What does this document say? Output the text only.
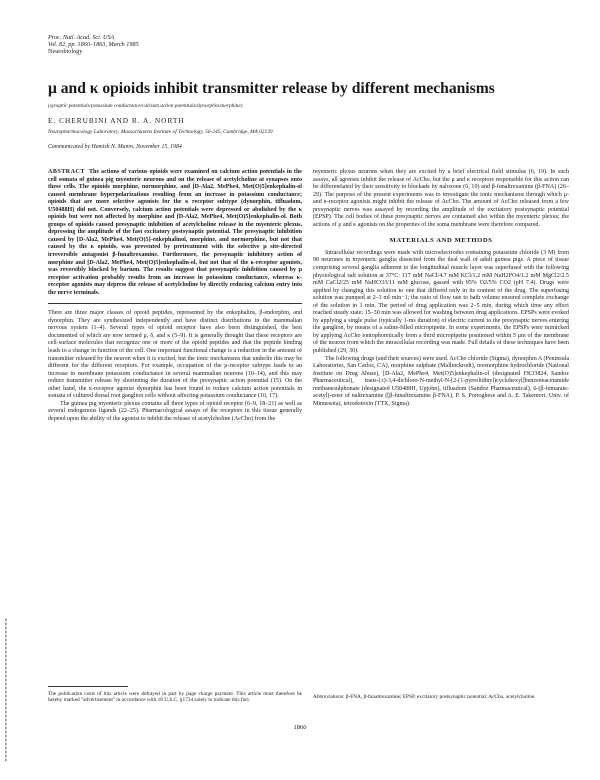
Proc. Natl. Acad. Sci. USA
Vol. 82, pp. 1860–1863, March 1985
Neurobiology
μ and κ opioids inhibit transmitter release by different mechanisms
(synaptic potentials/potassium conductance/calcium action potentials/dynorphin/morphine)
E. CHERUBINI AND R. A. NORTH
Neuropharmacology Laboratory, Massachusetts Institute of Technology, 56-245, Cambridge, MA 02139
Communicated by Hamish N. Munro, November 15, 1984
ABSTRACT The actions of various opioids were examined on calcium action potentials in the cell somata of guinea pig myenteric neurons and on the release of acetylcholine at synapses onto these cells. The opioids morphine, normorphine, and [D-Ala2, MePhe4, Met(O)5]enkephalin-ol caused membrane hyperpolarizations resulting from an increase in potassium conductance; opioids that are more selective agonists for the κ receptor subtype (dynorphin, tifluadom, U50488H) did not. Conversely, calcium action potentials were depressed or abolished by the κ opioids but were not affected by morphine and [D-Ala2, MePhe4, Met(O)5]enkephalin-ol. Both groups of opioids caused presynaptic inhibition of acetylcholine release in the myenteric plexus, depressing the amplitude of the fast excitatory postsynaptic potential. The presynaptic inhibition caused by [D-Ala2, MePhe4, Met(O)5]-enkephalinol, morphine, and normorphine, but not that caused by the κ opioids, was prevented by pretreatment with the selective μ site-directed irreversible antagonist β-funaltrexamine. Furthermore, the presynaptic inhibitory action of morphine and [D-Ala2, MePhe4, Met(O)5]enkephalin-ol, but not that of the κ-receptor agonists, was reversibly blocked by barium. The results suggest that presynaptic inhibition caused by μ receptor activation probably results from an increase in potassium conductance, whereas κ-receptor agonists may depress the release of acetylcholine by directly reducing calcium entry into the nerve terminals.

There are three major classes of opioid peptides, represented by the enkephalins, β-endorphin, and dynorphin. They are synthesized independently and have distinct distributions in the mammalian nervous system (1–4). Several types of opioid receptor have also been distinguished, the best documented of which are now termed μ, δ, and κ (5–9). It is generally thought that these receptors are cell-surface molecules that recognize one or more of the opioid peptides and that the peptide binding leads to a change in function of the cell. One important functional change is a reduction in the amount of transmitter released by the neuron when it is excited, but the ionic mechanisms that underlie this may be different for the different receptors. For example, occupation of the μ-receptor subtype leads to an increase in membrane potassium conductance in several mammalian neurons (10–14), and this may reduce transmitter release by shortening the duration of the presynaptic action potential (15). On the other hand, the κ-receptor agonist dynorphin has been found to reduce calcium action potentials in somata of cultured dorsal root ganglion cells without affecting potassium conductance (16, 17).

The guinea pig myenteric plexus contains all three types of opioid receptor (6–9, 18–21) as well as several endogenous ligands (22–25). Pharmacological assays of the receptors in this tissue generally depend upon the ability of the agonist to inhibit the release of acetylcholine (AcCho) from the

myenteric plexus neurons when they are excited by a brief electrical field stimulus (6, 19). In such assays, all agonists inhibit the release of AcCho, but the μ and κ receptors responsible for this action can be differentiated by their sensitivity to blockade by naloxone (6, 19) and β-funaltrexamine (β-FNA) (26–29). The purpose of the present experiments was to investigate the ionic mechanisms through which μ- and κ-receptor agonists might inhibit the release of AcCho. The amount of AcCho released from a few presynaptic nerves was assayed by recording the amplitude of the excitatory postsynaptic potential (EPSP). The cell bodies of these presynaptic nerves are contained also within the myenteric plexus; the actions of μ and κ agonists on the properties of the soma membrane were therefore compared.

MATERIALS AND METHODS

Intracellular recordings were made with microelectrodes containing potassium chloride (3 M) from 98 neurones in myenteric ganglia dissected from the ileal wall of adult guinea pigs. A piece of tissue comprising several ganglia adherent to the longitudinal muscle layer was superfused with the following physiological salt solution at 37°C: 117 mM NaCl/4.7 mM KCl/1.2 mM NaH2PO4/1.2 mM MgCl2/2.5 mM CaCl2/25 mM NaHCO3/11 mM glucose, gassed with 95% O2/5% CO2 (pH 7.4). Drugs were applied by changing this solution to one that differed only in its content of the drug. The superfusing solution was pumped at 2–3 ml·min−1; the ratio of flow rate to bath volume ensured complete exchange of the solution in 1 min. The period of drug application was 2–5 min, during which time any effect reached steady state; 15–30 min was allowed for washing between drug applications. EPSPs were evoked by applying a single pulse (typically 1-ms duration) of electric current to the presynaptic nerves entering the ganglion, by means of a saline-filled micropipette. In some experiments, the EPSPs were mimicked by applying AcCho iontophoretically from a third micropipette positioned within 5 μm of the membrane of the neuron from which the intracellular recording was made. Full details of these techniques have been published (29, 30).

The following drugs (and their sources) were used. AcCho chloride (Sigma), dynorphin A (Peninsula Laboratories, San Carlos, CA), morphine sulphate (Mallinckrodt), normorphine hydrochloride (National Institute on Drug Abuse), [D-Ala2, MePhe4, Met(O)5]enkephalin-ol (designated FK33824, Sandoz Pharmaceutical), trans-(±)-3,4-dichloro-N-methyl-N-[2-(1-pyrrolidinyl)cyclohexyl]benzeneacetamide methanesulphonate (designated U50488H, Upjohn), tifluadom (Sandoz Pharmaceutical), 6-(β-fumarate-acetyl)-ester of naltrexamine ([β-funaltrexamine β-FNA), P. S. Portoghese and A. E. Takemori, Univ. of Minnesota), tetrodotoxin (TTX, Sigma).

The publication costs of this article were defrayed in part by page charge payment. This article must therefore be hereby marked "advertisement" in accordance with 18 U.S.C. §1734 solely to indicate this fact.
Abbreviations: β-FNA, β-funaltrexamine; EPSP, excitatory postsynaptic potential; AcCho, acetylcholine.
1860
▮▮▮▮▮▮▮▮▮▮▮▮▮▮▮▮▮▮▮▮▮▮▮▮▮▮▮▮▮▮▮▮▮▮▮▮
